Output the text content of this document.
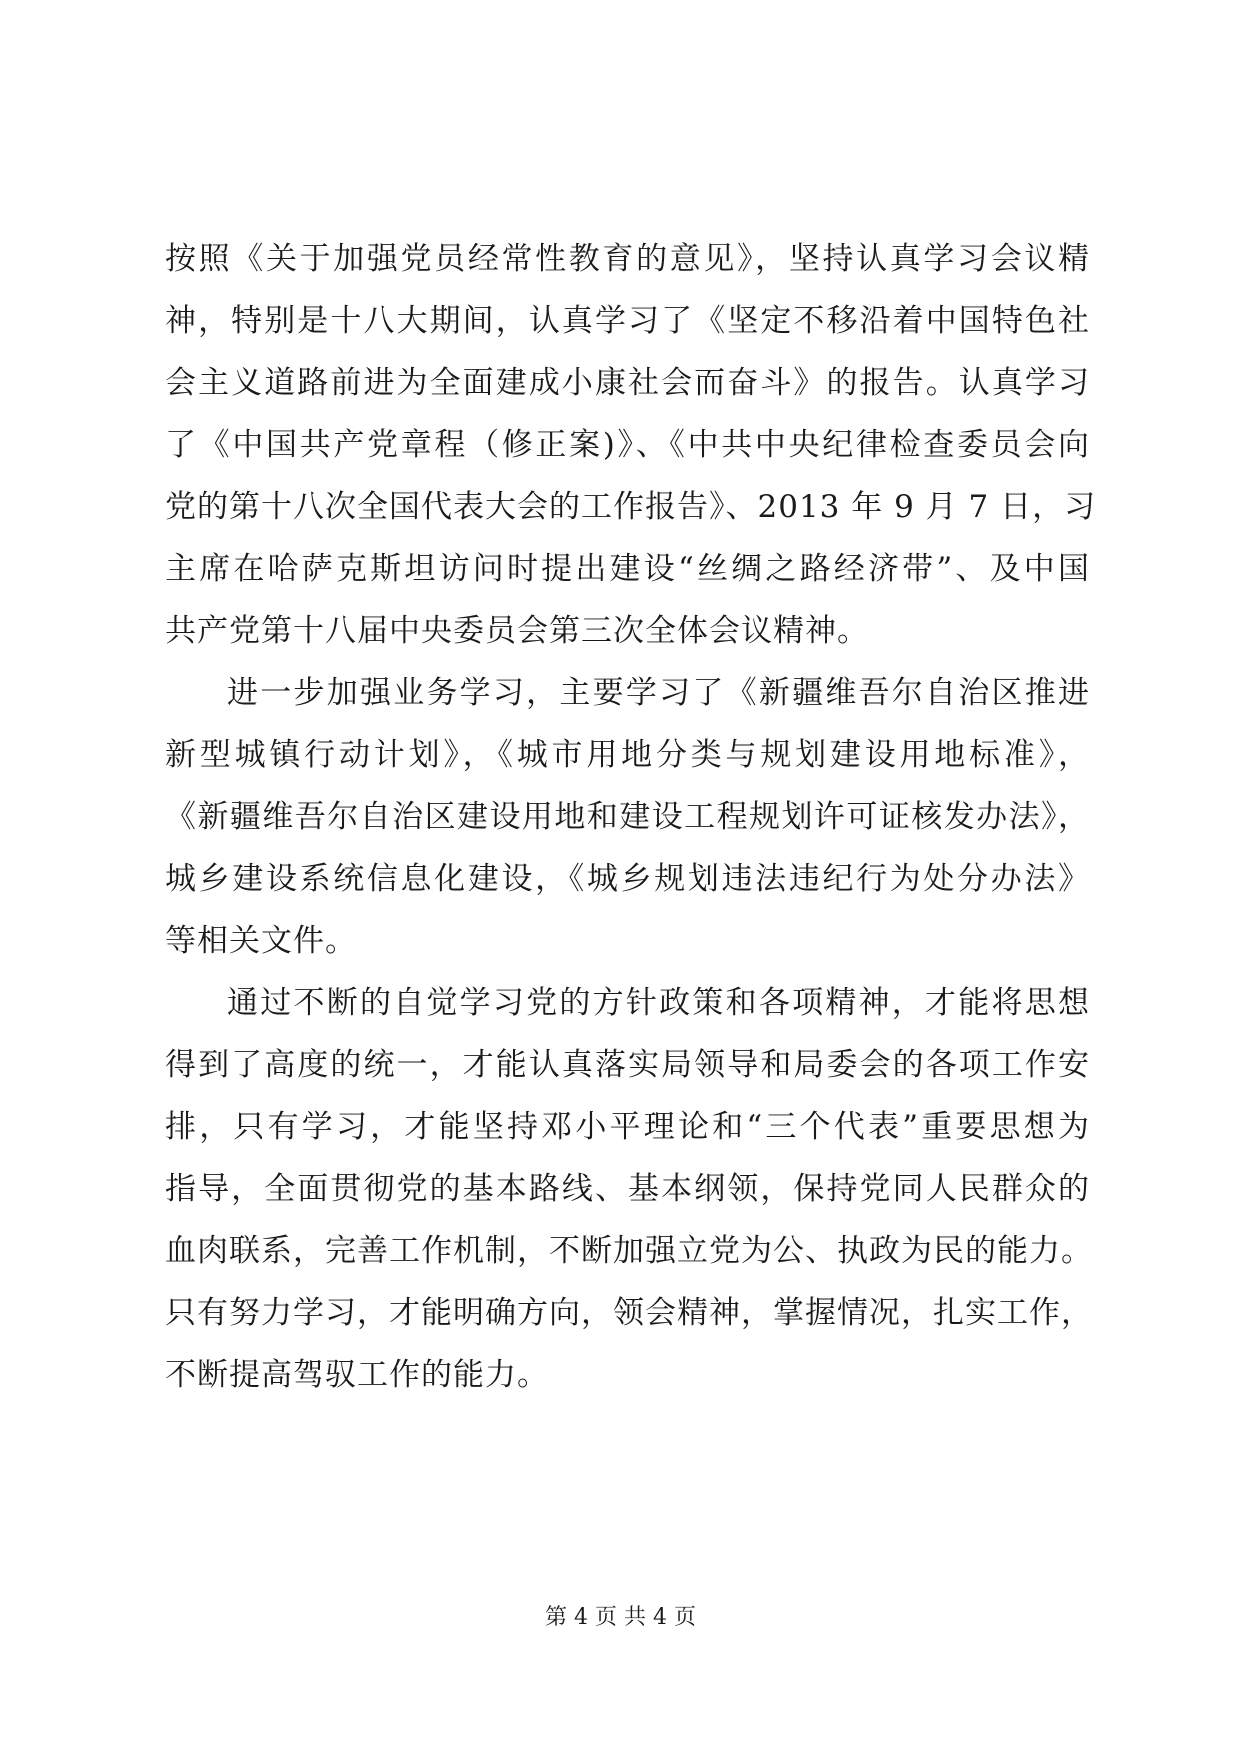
按照《关于加强党员经常性教育的意见》，坚持认真学习会议精
神，特别是十八大期间，认真学习了《坚定不移沿着中国特色社
会主义道路前进为全面建成小康社会而奋斗》的报告。认真学习
了《中国共产党章程（修正案)》、《中共中央纪律检查委员会向
党的第十八次全国代表大会的工作报告》、2013 年 9 月 7 日，习
主席在哈萨克斯坦访问时提出建设“丝绸之路经济带”、及中国
共产党第十八届中央委员会第三次全体会议精神。
进一步加强业务学习，主要学习了《新疆维吾尔自治区推进
新型城镇行动计划》，《城市用地分类与规划建设用地标准》，
《新疆维吾尔自治区建设用地和建设工程规划许可证核发办法》，
城乡建设系统信息化建设，《城乡规划违法违纪行为处分办法》
等相关文件。
通过不断的自觉学习党的方针政策和各项精神，才能将思想
得到了高度的统一，才能认真落实局领导和局委会的各项工作安
排，只有学习，才能坚持邓小平理论和“三个代表”重要思想为
指导，全面贯彻党的基本路线、基本纲领，保持党同人民群众的
血肉联系，完善工作机制，不断加强立党为公、执政为民的能力。
只有努力学习，才能明确方向，领会精神，掌握情况，扎实工作，
不断提高驾驭工作的能力。
第 4 页 共 4 页
